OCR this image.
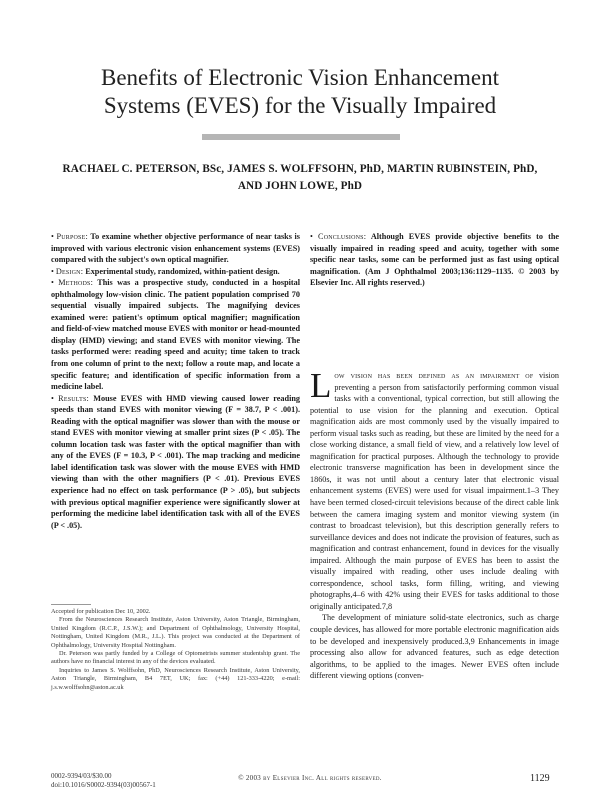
Benefits of Electronic Vision Enhancement
Systems (EVES) for the Visually Impaired

RACHAEL C. PETERSON, BSc, JAMES S. WOLFFSOHN, PhD, MARTIN RUBINSTEIN, PhD,

AND JOHN LOWE, PhD

• Purpose: To examine whether objective performance of near tasks is improved with various electronic vision enhancement systems (EVES) compared with the subject's own optical magnifier.

• Design: Experimental study, randomized, within-patient design.

• Methods: This was a prospective study, conducted in a hospital ophthalmology low-vision clinic. The patient population comprised 70 sequential visually impaired subjects. The magnifying devices examined were: patient's optimum optical magnifier; magnification and field-of-view matched mouse EVES with monitor or head-mounted display (HMD) viewing; and stand EVES with monitor viewing. The tasks performed were: reading speed and acuity; time taken to track from one column of print to the next; follow a route map, and locate a specific feature; and identification of specific information from a medicine label.

• Results: Mouse EVES with HMD viewing caused lower reading speeds than stand EVES with monitor viewing (F = 38.7, P < .001). Reading with the optical magnifier was slower than with the mouse or stand EVES with monitor viewing at smaller print sizes (P < .05). The column location task was faster with the optical magnifier than with any of the EVES (F = 10.3, P < .001). The map tracking and medicine label identification task was slower with the mouse EVES with HMD viewing than with the other magnifiers (P < .01). Previous EVES experience had no effect on task performance (P > .05), but subjects with previous optical magnifier experience were significantly slower at performing the medicine label identification task with all of the EVES (P < .05).

• Conclusions: Although EVES provide objective benefits to the visually impaired in reading speed and acuity, together with some specific near tasks, some can be performed just as fast using optical magnification. (Am J Ophthalmol 2003;136:1129–1135. © 2003 by Elsevier Inc. All rights reserved.)

Low vision has been defined as an impairment of vision preventing a person from satisfactorily performing common visual tasks with a conventional, typical correction, but still allowing the potential to use vision for the planning and execution. Optical magnification aids are most commonly used by the visually impaired to perform visual tasks such as reading, but these are limited by the need for a close working distance, a small field of view, and a relatively low level of magnification for practical purposes. Although the technology to provide electronic transverse magnification has been in development since the 1860s, it was not until about a century later that electronic visual enhancement systems (EVES) were used for visual impairment.1–3 They have been termed closed-circuit televisions because of the direct cable link between the camera imaging system and monitor viewing system (in contrast to broadcast television), but this description generally refers to surveillance devices and does not indicate the provision of features, such as magnification and contrast enhancement, found in devices for the visually impaired. Although the main purpose of EVES has been to assist the visually impaired with reading, other uses include dealing with correspondence, school tasks, form filling, writing, and viewing photographs,4–6 with 42% using their EVES for tasks additional to those originally anticipated.7,8

The development of miniature solid-state electronics, such as charge couple devices, has allowed for more portable electronic magnification aids to be developed and inexpensively produced.3,9 Enhancements in image processing also allow for advanced features, such as edge detection algorithms, to be applied to the images. Newer EVES often include different viewing options (conven-

Accepted for publication Dec 10, 2002.

From the Neurosciences Research Institute, Aston University, Aston Triangle, Birmingham, United Kingdom (R.C.P., J.S.W.); and Department of Ophthalmology, University Hospital, Nottingham, United Kingdom (M.R., J.L.). This project was conducted at the Department of Ophthalmology, University Hospital Nottingham.

Dr. Peterson was partly funded by a College of Optometrists summer studentship grant. The authors have no financial interest in any of the devices evaluated.

Inquiries to James S. Wolffsohn, PhD, Neurosciences Research Institute, Aston University, Aston Triangle, Birmingham, B4 7ET, UK; fax: (+44) 121-333-4220; e-mail: j.s.w.wolffsohn@aston.ac.uk

0002-9394/03/$30.00
doi:10.1016/S0002-9394(03)00567-1
© 2003 by Elsevier Inc. All rights reserved.	1129
